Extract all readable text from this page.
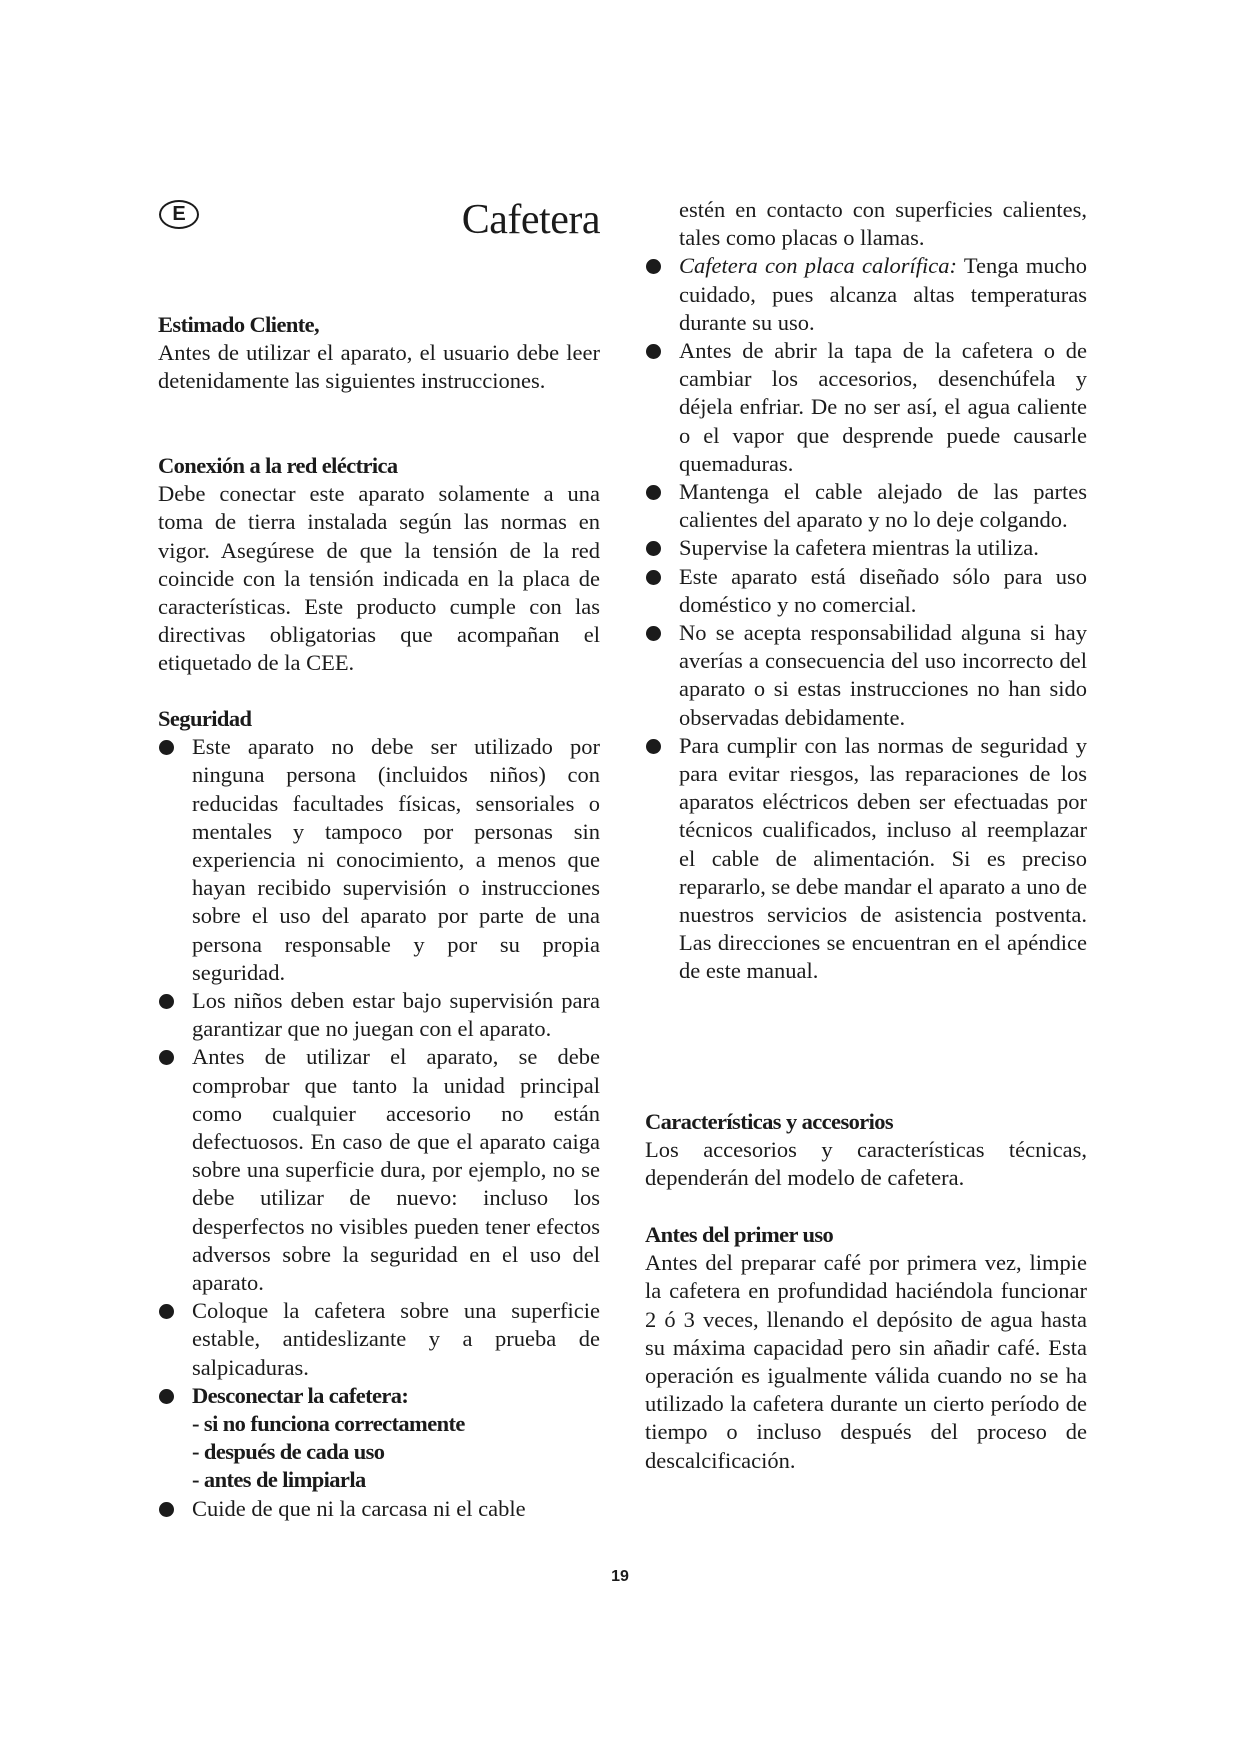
E	Cafetera
Estimado Cliente,

Antes de utilizar el aparato, el usuario debe leer detenidamente las siguientes instrucciones.

Conexión a la red eléctrica

Debe conectar este aparato solamente a una toma de tierra instalada según las normas en vigor. Asegúrese de que la tensión de la red coincide con la tensión indicada en la placa de características. Este producto cumple con las directivas obligatorias que acompañan el etiquetado de la CEE.

Seguridad
Este aparato no debe ser utilizado por ninguna persona (incluidos niños) con reducidas facultades físicas, sensoriales o mentales y tampoco por personas sin experiencia ni conocimiento, a menos que hayan recibido supervisión o instrucciones sobre el uso del aparato por parte de una persona responsable y por su propia seguridad.
Los niños deben estar bajo supervisión para garantizar que no juegan con el aparato.
Antes de utilizar el aparato, se debe comprobar que tanto la unidad principal como cualquier accesorio no están defectuosos. En caso de que el aparato caiga sobre una superficie dura, por ejemplo, no se debe utilizar de nuevo: incluso los desperfectos no visibles pueden tener efectos adversos sobre la seguridad en el uso del aparato.
Coloque la cafetera sobre una superficie estable, antideslizante y a prueba de salpicaduras.
Desconectar la cafetera:
- si no funciona correctamente
- después de cada uso
- antes de limpiarla
Cuide de que ni la carcasa ni el cable

estén en contacto con superficies calientes, tales como placas o llamas.

Cafetera con placa calorífica: Tenga mucho cuidado, pues alcanza altas temperaturas durante su uso.
Antes de abrir la tapa de la cafetera o de cambiar los accesorios, desenchúfela y déjela enfriar. De no ser así, el agua caliente o el vapor que desprende puede causarle quemaduras.
Mantenga el cable alejado de las partes calientes del aparato y no lo deje colgando.
Supervise la cafetera mientras la utiliza.
Este aparato está diseñado sólo para uso doméstico y no comercial.
No se acepta responsabilidad alguna si hay averías a consecuencia del uso incorrecto del aparato o si estas instrucciones no han sido observadas debidamente.
Para cumplir con las normas de seguridad y para evitar riesgos, las reparaciones de los aparatos eléctricos deben ser efectuadas por técnicos cualificados, incluso al reemplazar el cable de alimentación. Si es preciso repararlo, se debe mandar el aparato a uno de nuestros servicios de asistencia postventa. Las direcciones se encuentran en el apéndice de este manual.
Características y accesorios

Los accesorios y características técnicas, dependerán del modelo de cafetera.

Antes del primer uso

Antes del preparar café por primera vez, limpie la cafetera en profundidad haciéndola funcionar 2 ó 3 veces, llenando el depósito de agua hasta su máxima capacidad pero sin añadir café. Esta operación es igualmente válida cuando no se ha utilizado la cafetera durante un cierto período de tiempo o incluso después del proceso de descalcificación.

19
